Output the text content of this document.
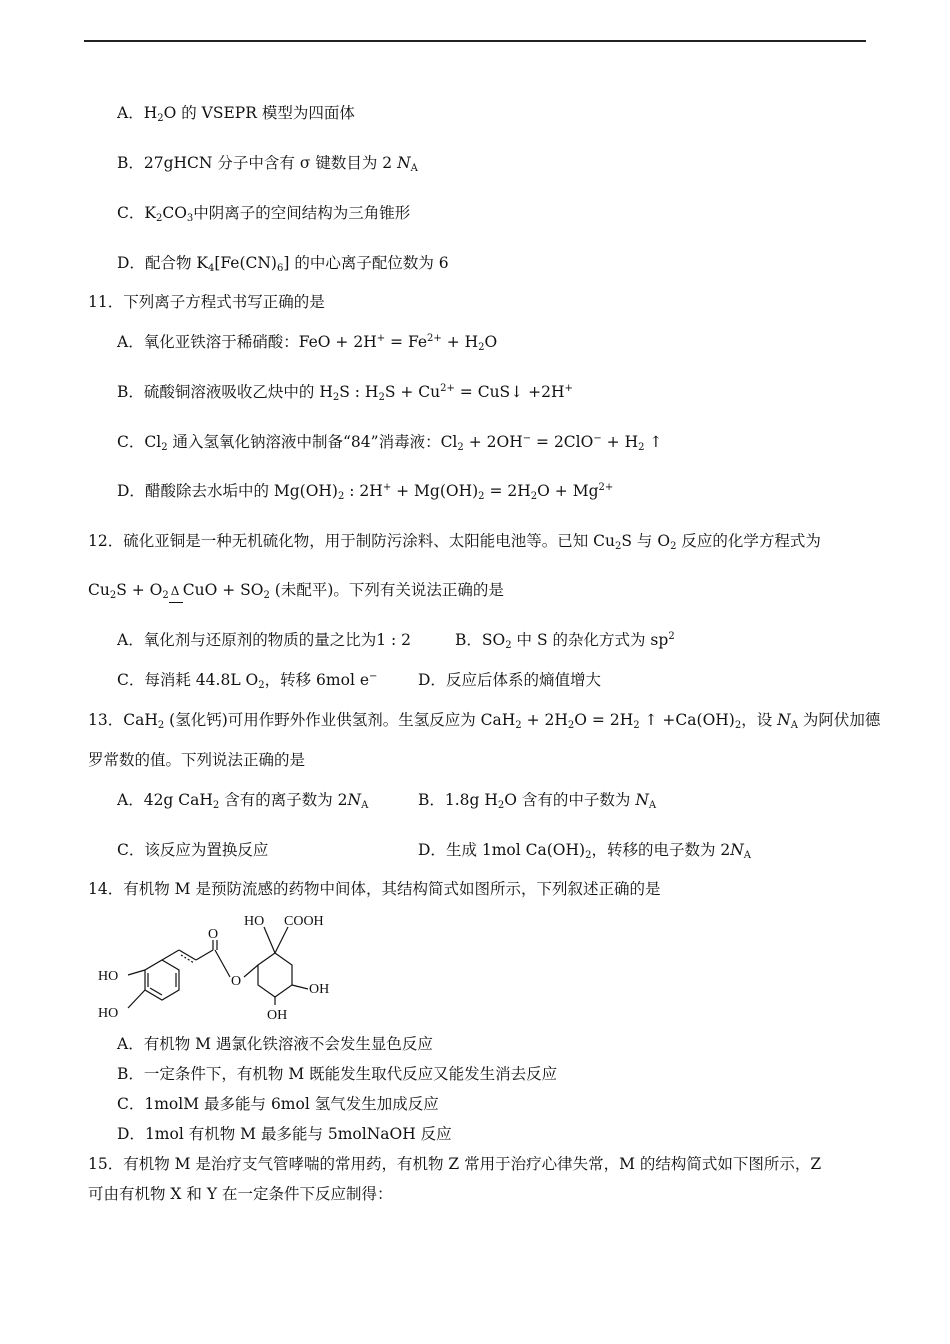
A．$H_2O$ 的 VSEPR 模型为四面体
B．27gHCN 分子中含有 σ 键数目为 2 $N_A$
C．$K_2CO_3$中阴离子的空间结构为三角锥形
D．配合物 $K_4[Fe(CN)_6]$ 的中心离子配位数为 6
11．下列离子方程式书写正确的是
A．氧化亚铁溶于稀硝酸：FeO + $2H^+ = Fe^{2+} + H_2O$
B．硫酸铜溶液吸收乙炔中的 $H_2S$ : $H_2S + Cu^{2+}$ = CuS↓ +2H+
C．$Cl_2$ 通入氢氧化钠溶液中制备“84”消毒液：$Cl_2 + 2OH^- = 2ClO^- + H_2$ ↑
D．醋酸除去水垢中的 $Mg(OH)_2$ : $2H^+ + Mg(OH)_2 = 2H_2O + Mg^{2+}$
12．硫化亚铜是一种无机硫化物，用于制防污涂料、太阳能电池等。已知 $Cu_2S$ 与 $O_2$ 反应的化学方程式为
$Cu_2S + O_2$ Δ CuO + $SO_2$ (未配平)。下列有关说法正确的是
A．氧化剂与还原剂的物质的量之比为1 : 2	B．$SO_2$ 中 S 的杂化方式为 $sp^2$
C．每消耗 44.8L $O_2$，转移 6mol e−	D．反应后体系的熵值增大
13．CaH$_2$ (氢化钙)可用作野外作业供氢剂。生氢反应为 $CaH_2 + 2H_2O = 2H_2$ ↑ $+Ca(OH)_2$，设 $N_A$ 为阿伏加德
罗常数的值。下列说法正确的是
A．42g CaH$_2$ 含有的离子数为 $2N_A$	B．1.8g $H_2O$ 含有的中子数为 $N_A$
C．该反应为置换反应	D．生成 1mol $Ca(OH)_2$，转移的电子数为 $2N_A$
14．有机物 M 是预防流感的药物中间体，其结构简式如图所示，下列叙述正确的是
HO
HO
O
O
HO COOH
OH
OH
A．有机物 M 遇氯化铁溶液不会发生显色反应
B．一定条件下，有机物 M 既能发生取代反应又能发生消去反应
C．1molM 最多能与 6mol 氢气发生加成反应
D．1mol 有机物 M 最多能与 5molNaOH 反应
15．有机物 M 是治疗支气管哮喘的常用药，有机物 Z 常用于治疗心律失常，M 的结构简式如下图所示，Z
可由有机物 X 和 Y 在一定条件下反应制得：
